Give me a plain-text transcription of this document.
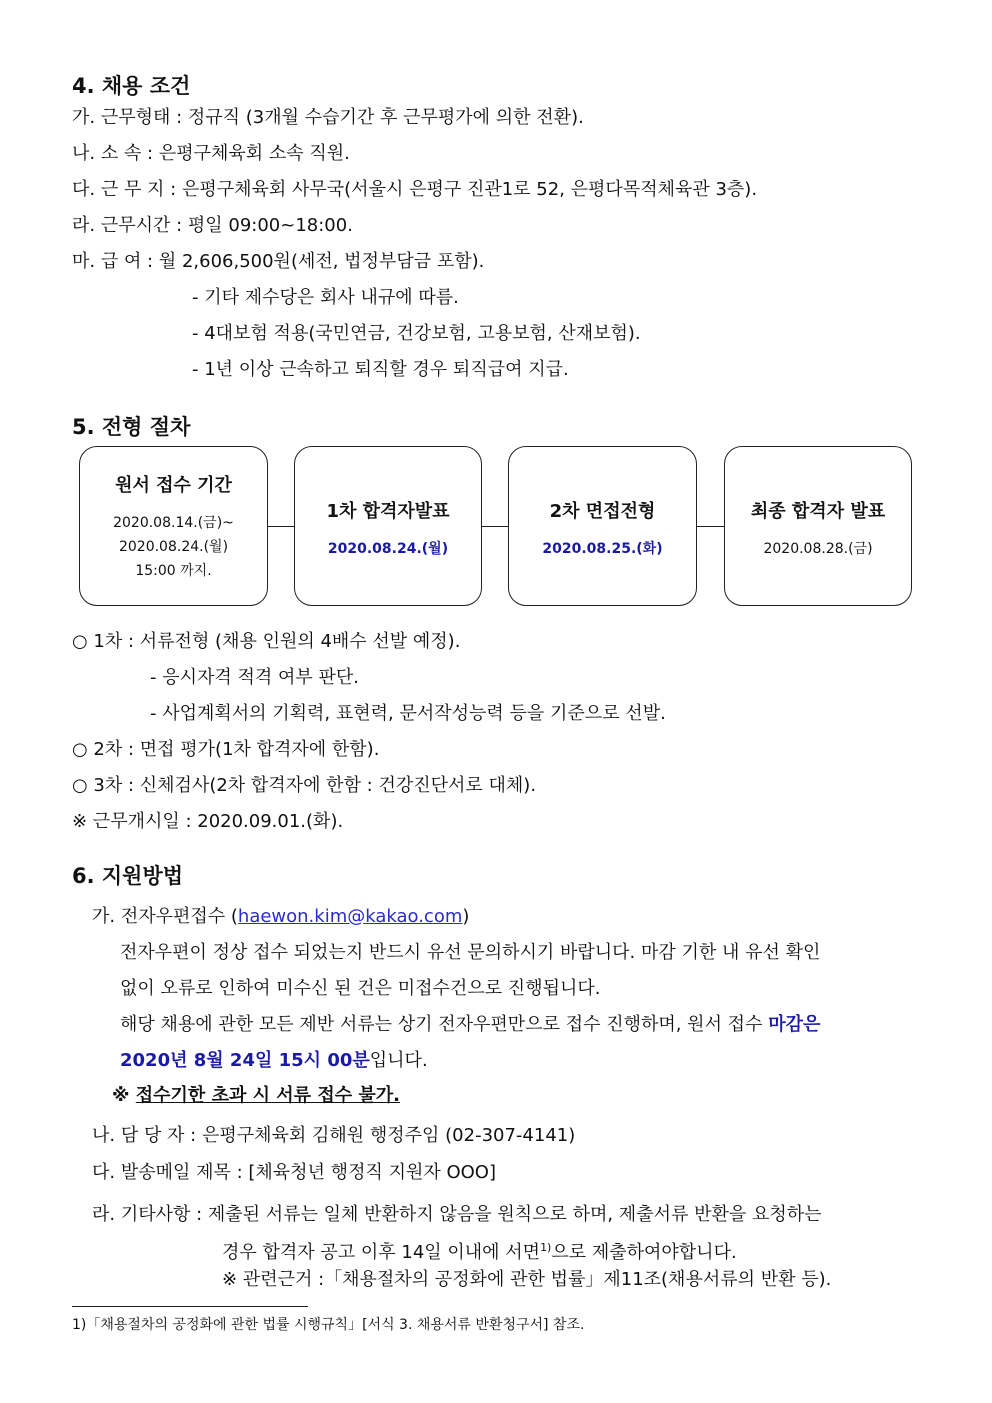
4. 채용 조건
가. 근무형태 : 정규직 (3개월 수습기간 후 근무평가에 의한 전환).
나. 소 속 : 은평구체육회 소속 직원.
다. 근 무 지 : 은평구체육회 사무국(서울시 은평구 진관1로 52, 은평다목적체육관 3층).
라. 근무시간 : 평일 09:00~18:00.
마. 급 여 : 월 2,606,500원(세전, 법정부담금 포함).
- 기타 제수당은 회사 내규에 따름.
- 4대보험 적용(국민연금, 건강보험, 고용보험, 산재보험).
- 1년 이상 근속하고 퇴직할 경우 퇴직급여 지급.
5. 전형 절차
원서 접수 기간
2020.08.14.(금)~
2020.08.24.(월)
15:00 까지.
1차 합격자발표
2020.08.24.(월)
2차 면접전형
2020.08.25.(화)
최종 합격자 발표
2020.08.28.(금)
○ 1차 : 서류전형 (채용 인원의 4배수 선발 예정).
- 응시자격 적격 여부 판단.
- 사업계획서의 기획력, 표현력, 문서작성능력 등을 기준으로 선발.
○ 2차 : 면접 평가(1차 합격자에 한함).
○ 3차 : 신체검사(2차 합격자에 한함 : 건강진단서로 대체).
※ 근무개시일 : 2020.09.01.(화).
6. 지원방법
가. 전자우편접수 (haewon.kim@kakao.com)
전자우편이 정상 접수 되었는지 반드시 유선 문의하시기 바랍니다. 마감 기한 내 유선 확인
없이 오류로 인하여 미수신 된 건은 미접수건으로 진행됩니다.
해당 채용에 관한 모든 제반 서류는 상기 전자우편만으로 접수 진행하며, 원서 접수 마감은
2020년 8월 24일 15시 00분입니다.
※ 접수기한 초과 시 서류 접수 불가.
나. 담 당 자 : 은평구체육회 김해원 행정주임 (02-307-4141)
다. 발송메일 제목 : [체육청년 행정직 지원자 OOO]
라. 기타사항 : 제출된 서류는 일체 반환하지 않음을 원칙으로 하며, 제출서류 반환을 요청하는
경우 합격자 공고 이후 14일 이내에 서면$^{1)}$으로 제출하여야합니다.
※ 관련근거 :「채용절차의 공정화에 관한 법률」제11조(채용서류의 반환 등).
1)「채용절차의 공정화에 관한 법률 시행규칙」[서식 3. 채용서류 반환청구서] 참조.
